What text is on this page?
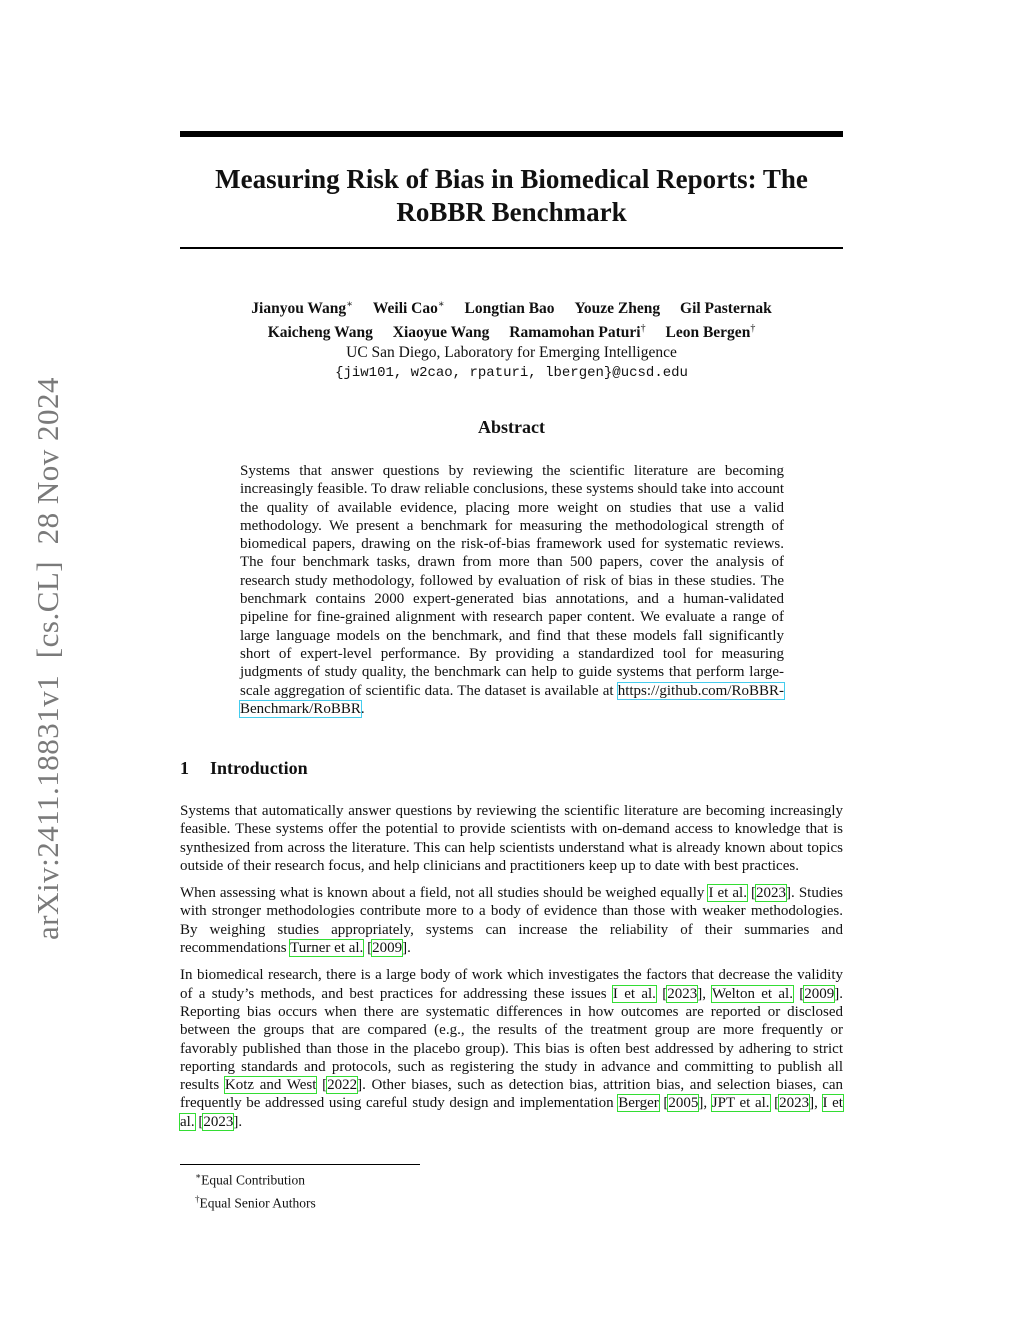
arXiv:2411.18831v1  [cs.CL]  28 Nov 2024
Measuring Risk of Bias in Biomedical Reports: The RoBBR Benchmark
Jianyou Wang∗ Weili Cao∗ Longtian Bao Youze Zheng Gil Pasternak
Kaicheng Wang Xiaoyue Wang Ramamohan Paturi† Leon Bergen†
UC San Diego, Laboratory for Emerging Intelligence
{jiw101, w2cao, rpaturi, lbergen}@ucsd.edu
Abstract

Systems that answer questions by reviewing the scientific literature are becoming increasingly feasible. To draw reliable conclusions, these systems should take into account the quality of available evidence, placing more weight on studies that use a valid methodology. We present a benchmark for measuring the methodological strength of biomedical papers, drawing on the risk-of-bias framework used for systematic reviews. The four benchmark tasks, drawn from more than 500 papers, cover the analysis of research study methodology, followed by evaluation of risk of bias in these studies. The benchmark contains 2000 expert-generated bias annotations, and a human-validated pipeline for fine-grained alignment with research paper content. We evaluate a range of large language models on the benchmark, and find that these models fall significantly short of expert-level performance. By providing a standardized tool for measuring judgments of study quality, the benchmark can help to guide systems that perform large-scale aggregation of scientific data. The dataset is available at https://github.com/RoBBR-Benchmark/RoBBR.

1 Introduction

Systems that automatically answer questions by reviewing the scientific literature are becoming increasingly feasible. These systems offer the potential to provide scientists with on-demand access to knowledge that is synthesized from across the literature. This can help scientists understand what is already known about topics outside of their research focus, and help clinicians and practitioners keep up to date with best practices.

When assessing what is known about a field, not all studies should be weighed equally I et al. [2023]. Studies with stronger methodologies contribute more to a body of evidence than those with weaker methodologies. By weighing studies appropriately, systems can increase the reliability of their summaries and recommendations Turner et al. [2009].

In biomedical research, there is a large body of work which investigates the factors that decrease the validity of a study’s methods, and best practices for addressing these issues I et al. [2023], Welton et al. [2009]. Reporting bias occurs when there are systematic differences in how outcomes are reported or disclosed between the groups that are compared (e.g., the results of the treatment group are more frequently or favorably published than those in the placebo group). This bias is often best addressed by adhering to strict reporting standards and protocols, such as registering the study in advance and committing to publish all results Kotz and West [2022]. Other biases, such as detection bias, attrition bias, and selection biases, can frequently be addressed using careful study design and implementation Berger [2005], JPT et al. [2023], I et al. [2023].

∗Equal Contribution
†Equal Senior Authors
